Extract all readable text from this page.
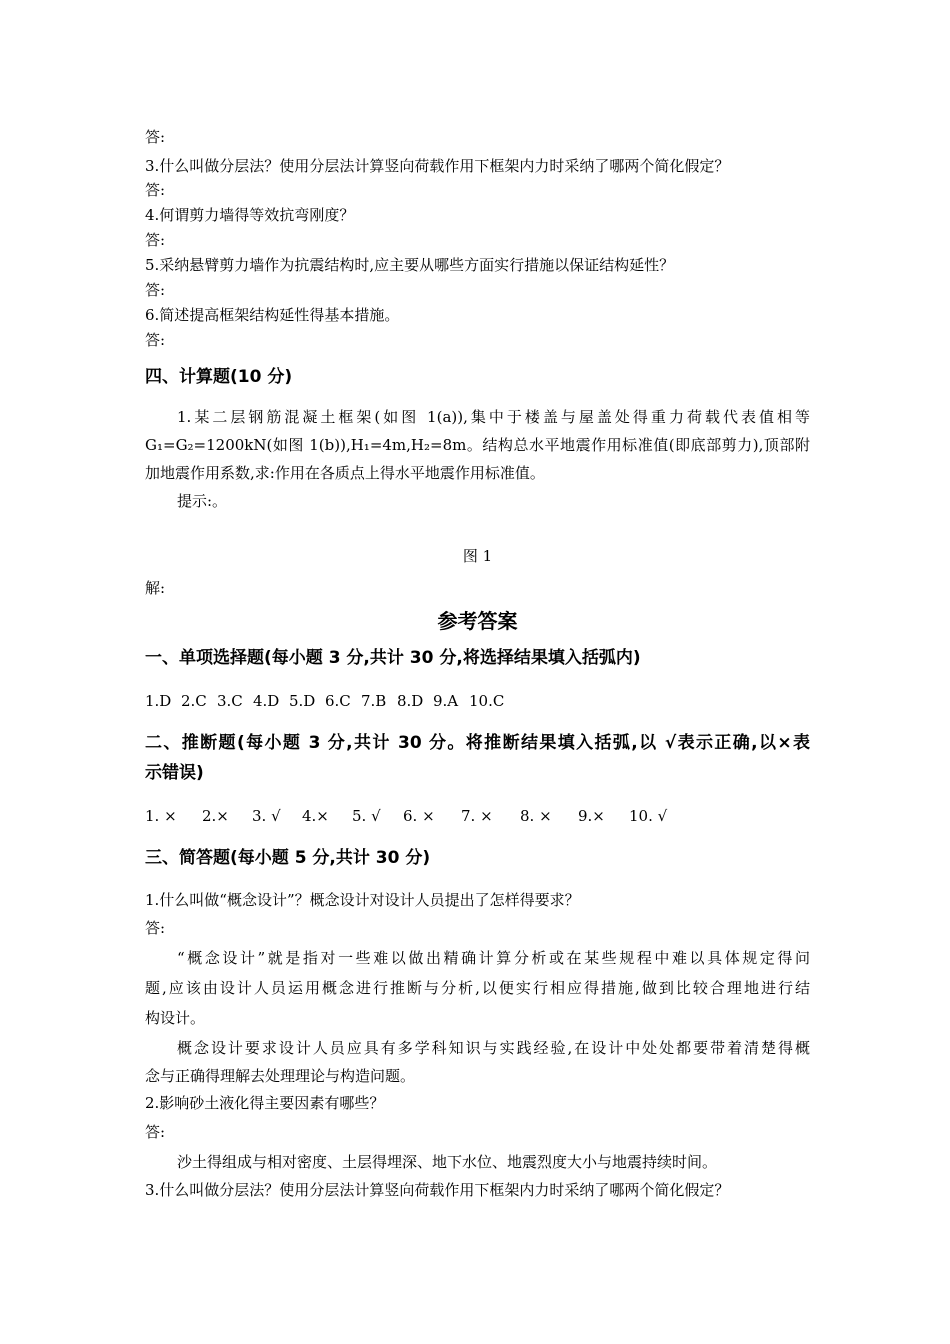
答:
3.什么叫做分层法？使用分层法计算竖向荷载作用下框架内力时采纳了哪两个简化假定？
答:
4.何谓剪力墙得等效抗弯刚度？
答:
5.采纳悬臂剪力墙作为抗震结构时,应主要从哪些方面实行措施以保证结构延性？
答:
6.简述提高框架结构延性得基本措施。
答:
四、计算题(10 分)
1.某二层钢筋混凝土框架(如图 1(a)),集中于楼盖与屋盖处得重力荷载代表值相等
G₁=G₂=1200kN(如图 1(b)),H₁=4m,H₂=8m。结构总水平地震作用标准值(即底部剪力),顶部附
加地震作用系数,求:作用在各质点上得水平地震作用标准值。
提示:。
图 1
解:
参考答案
一、单项选择题(每小题 3 分,共计 30 分,将选择结果填入括弧内)
1.D 2.C 3.C 4.D 5.D 6.C 7.B 8.D 9.A 10.C
二、推断题(每小题 3 分,共计 30 分。将推断结果填入括弧,以 √表示正确,以×表
示错误)
1. × 2.× 3. √ 4.× 5. √ 6. × 7. × 8. × 9.× 10. √
三、简答题(每小题 5 分,共计 30 分)
1.什么叫做“概念设计”？概念设计对设计人员提出了怎样得要求？
答:
“概念设计”就是指对一些难以做出精确计算分析或在某些规程中难以具体规定得问
题,应该由设计人员运用概念进行推断与分析,以便实行相应得措施,做到比较合理地进行结
构设计。
概念设计要求设计人员应具有多学科知识与实践经验,在设计中处处都要带着清楚得概
念与正确得理解去处理理论与构造问题。
2.影响砂土液化得主要因素有哪些？
答:
沙土得组成与相对密度、土层得埋深、地下水位、地震烈度大小与地震持续时间。
3.什么叫做分层法？使用分层法计算竖向荷载作用下框架内力时采纳了哪两个简化假定？
